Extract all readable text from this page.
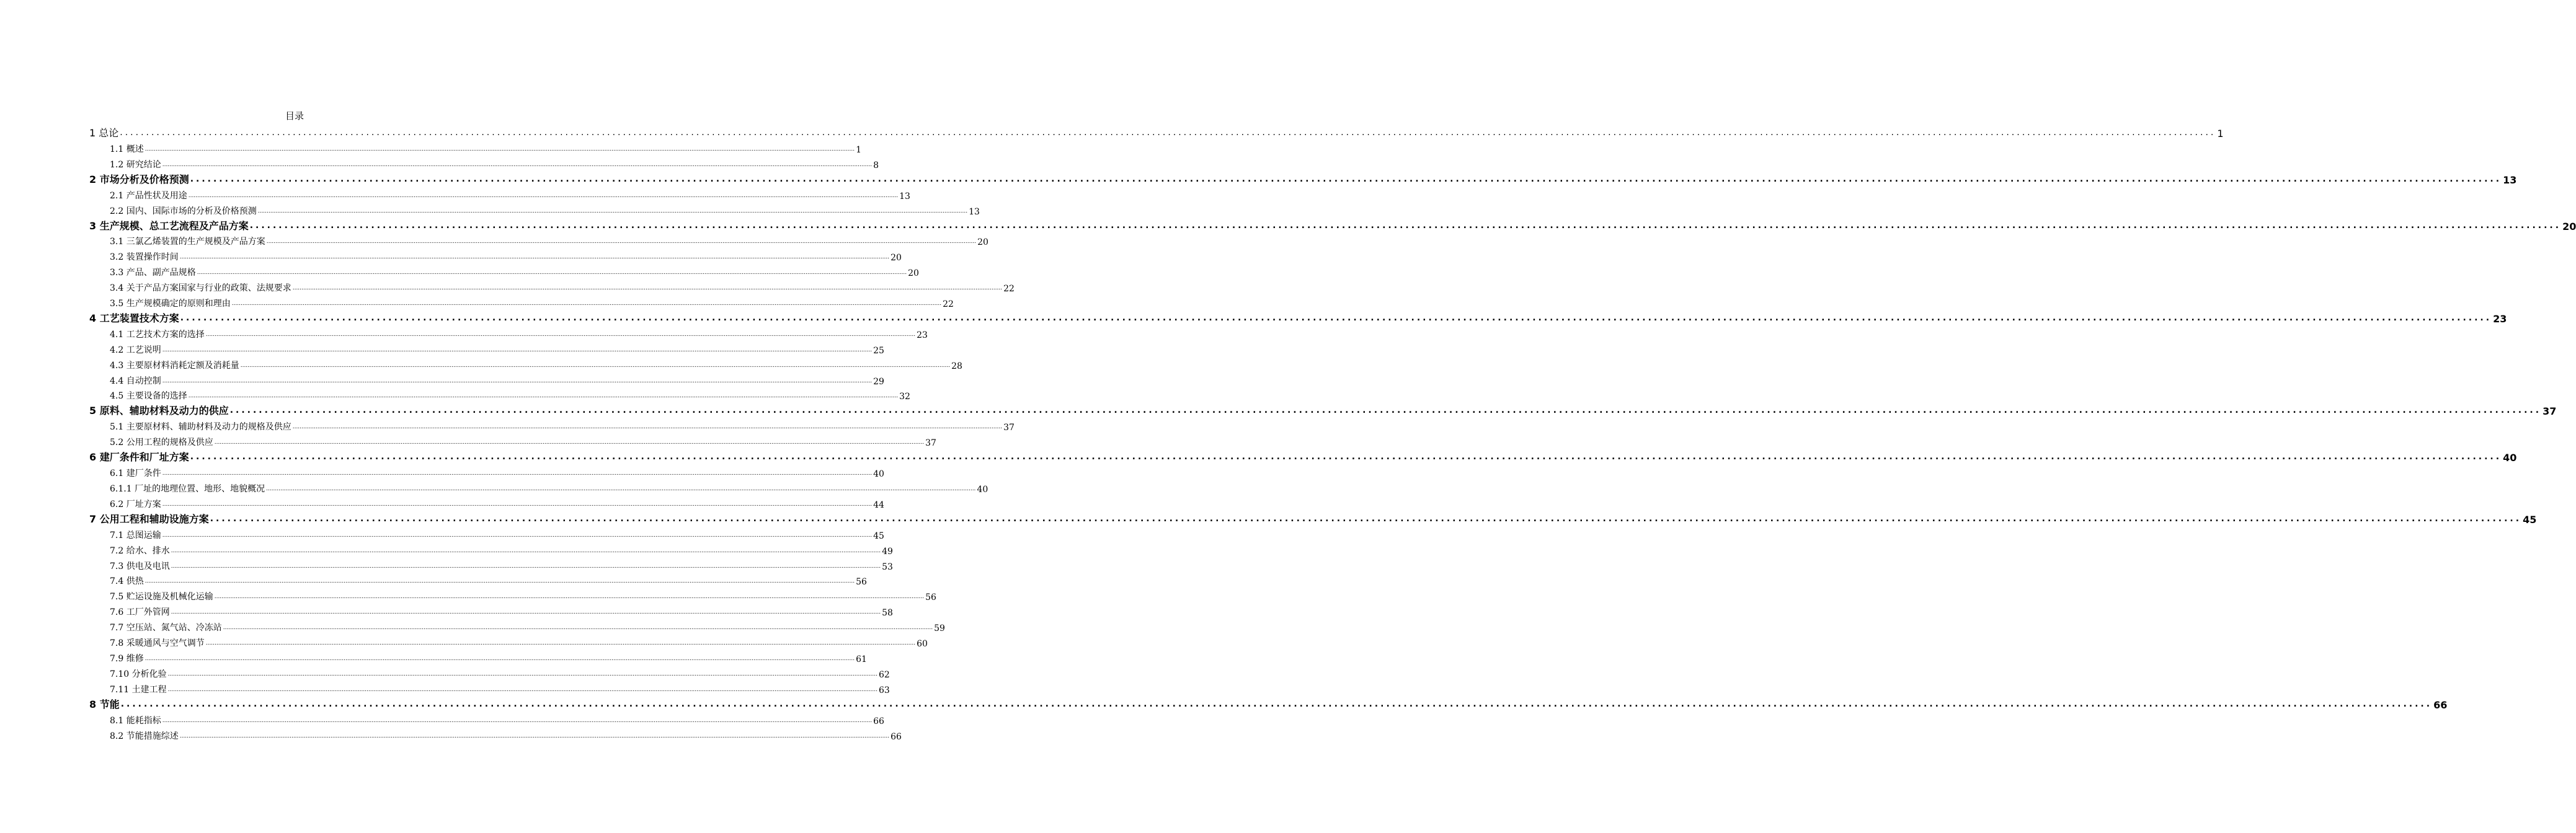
目录
1 总论 ................................................................................................................................................................................................................................................................................................................................................................................................................ 1
1.1 概述 ................................................................................................................................................................................................................................................................................................................................................................................................................ 1
1.2 研究结论 ................................................................................................................................................................................................................................................................................................................................................................................................................ 8
2 市场分析及价格预测 ................................................................................................................................................................................................................................................................................................................................................................................................................ 13
2.1 产品性状及用途 ................................................................................................................................................................................................................................................................................................................................................................................................................ 13
2.2 国内、国际市场的分析及价格预测 ................................................................................................................................................................................................................................................................................................................................................................................................................ 13
3 生产规模、总工艺流程及产品方案 ................................................................................................................................................................................................................................................................................................................................................................................................................ 20
3.1 三氯乙烯装置的生产规模及产品方案 ................................................................................................................................................................................................................................................................................................................................................................................................................ 20
3.2 装置操作时间 ................................................................................................................................................................................................................................................................................................................................................................................................................ 20
3.3 产品、副产品规格 ................................................................................................................................................................................................................................................................................................................................................................................................................ 20
3.4 关于产品方案国家与行业的政策、法规要求 ................................................................................................................................................................................................................................................................................................................................................................................................................ 22
3.5 生产规模确定的原则和理由 ................................................................................................................................................................................................................................................................................................................................................................................................................ 22
4 工艺装置技术方案 ................................................................................................................................................................................................................................................................................................................................................................................................................ 23
4.1 工艺技术方案的选择 ................................................................................................................................................................................................................................................................................................................................................................................................................ 23
4.2 工艺说明 ................................................................................................................................................................................................................................................................................................................................................................................................................ 25
4.3 主要原材料消耗定额及消耗量 ................................................................................................................................................................................................................................................................................................................................................................................................................ 28
4.4 自动控制 ................................................................................................................................................................................................................................................................................................................................................................................................................ 29
4.5 主要设备的选择 ................................................................................................................................................................................................................................................................................................................................................................................................................ 32
5 原料、辅助材料及动力的供应 ................................................................................................................................................................................................................................................................................................................................................................................................................ 37
5.1 主要原材料、辅助材料及动力的规格及供应 ................................................................................................................................................................................................................................................................................................................................................................................................................ 37
5.2 公用工程的规格及供应 ................................................................................................................................................................................................................................................................................................................................................................................................................ 37
6 建厂条件和厂址方案 ................................................................................................................................................................................................................................................................................................................................................................................................................ 40
6.1 建厂条件 ................................................................................................................................................................................................................................................................................................................................................................................................................ 40
6.1.1 厂址的地理位置、地形、地貌概况 ................................................................................................................................................................................................................................................................................................................................................................................................................ 40
6.2 厂址方案 ................................................................................................................................................................................................................................................................................................................................................................................................................ 44
7 公用工程和辅助设施方案 ................................................................................................................................................................................................................................................................................................................................................................................................................ 45
7.1 总图运输 ................................................................................................................................................................................................................................................................................................................................................................................................................ 45
7.2 给水、排水 ................................................................................................................................................................................................................................................................................................................................................................................................................ 49
7.3 供电及电讯 ................................................................................................................................................................................................................................................................................................................................................................................................................ 53
7.4 供热 ................................................................................................................................................................................................................................................................................................................................................................................................................ 56
7.5 贮运设施及机械化运输 ................................................................................................................................................................................................................................................................................................................................................................................................................ 56
7.6 工厂外管网 ................................................................................................................................................................................................................................................................................................................................................................................................................ 58
7.7 空压站、氮气站、冷冻站 ................................................................................................................................................................................................................................................................................................................................................................................................................ 59
7.8 采暖通风与空气调节 ................................................................................................................................................................................................................................................................................................................................................................................................................ 60
7.9 维修 ................................................................................................................................................................................................................................................................................................................................................................................................................ 61
7.10 分析化验 ................................................................................................................................................................................................................................................................................................................................................................................................................ 62
7.11 土建工程 ................................................................................................................................................................................................................................................................................................................................................................................................................ 63
8 节能 ................................................................................................................................................................................................................................................................................................................................................................................................................ 66
8.1 能耗指标 ................................................................................................................................................................................................................................................................................................................................................................................................................ 66
8.2 节能措施综述 ................................................................................................................................................................................................................................................................................................................................................................................................................ 66
